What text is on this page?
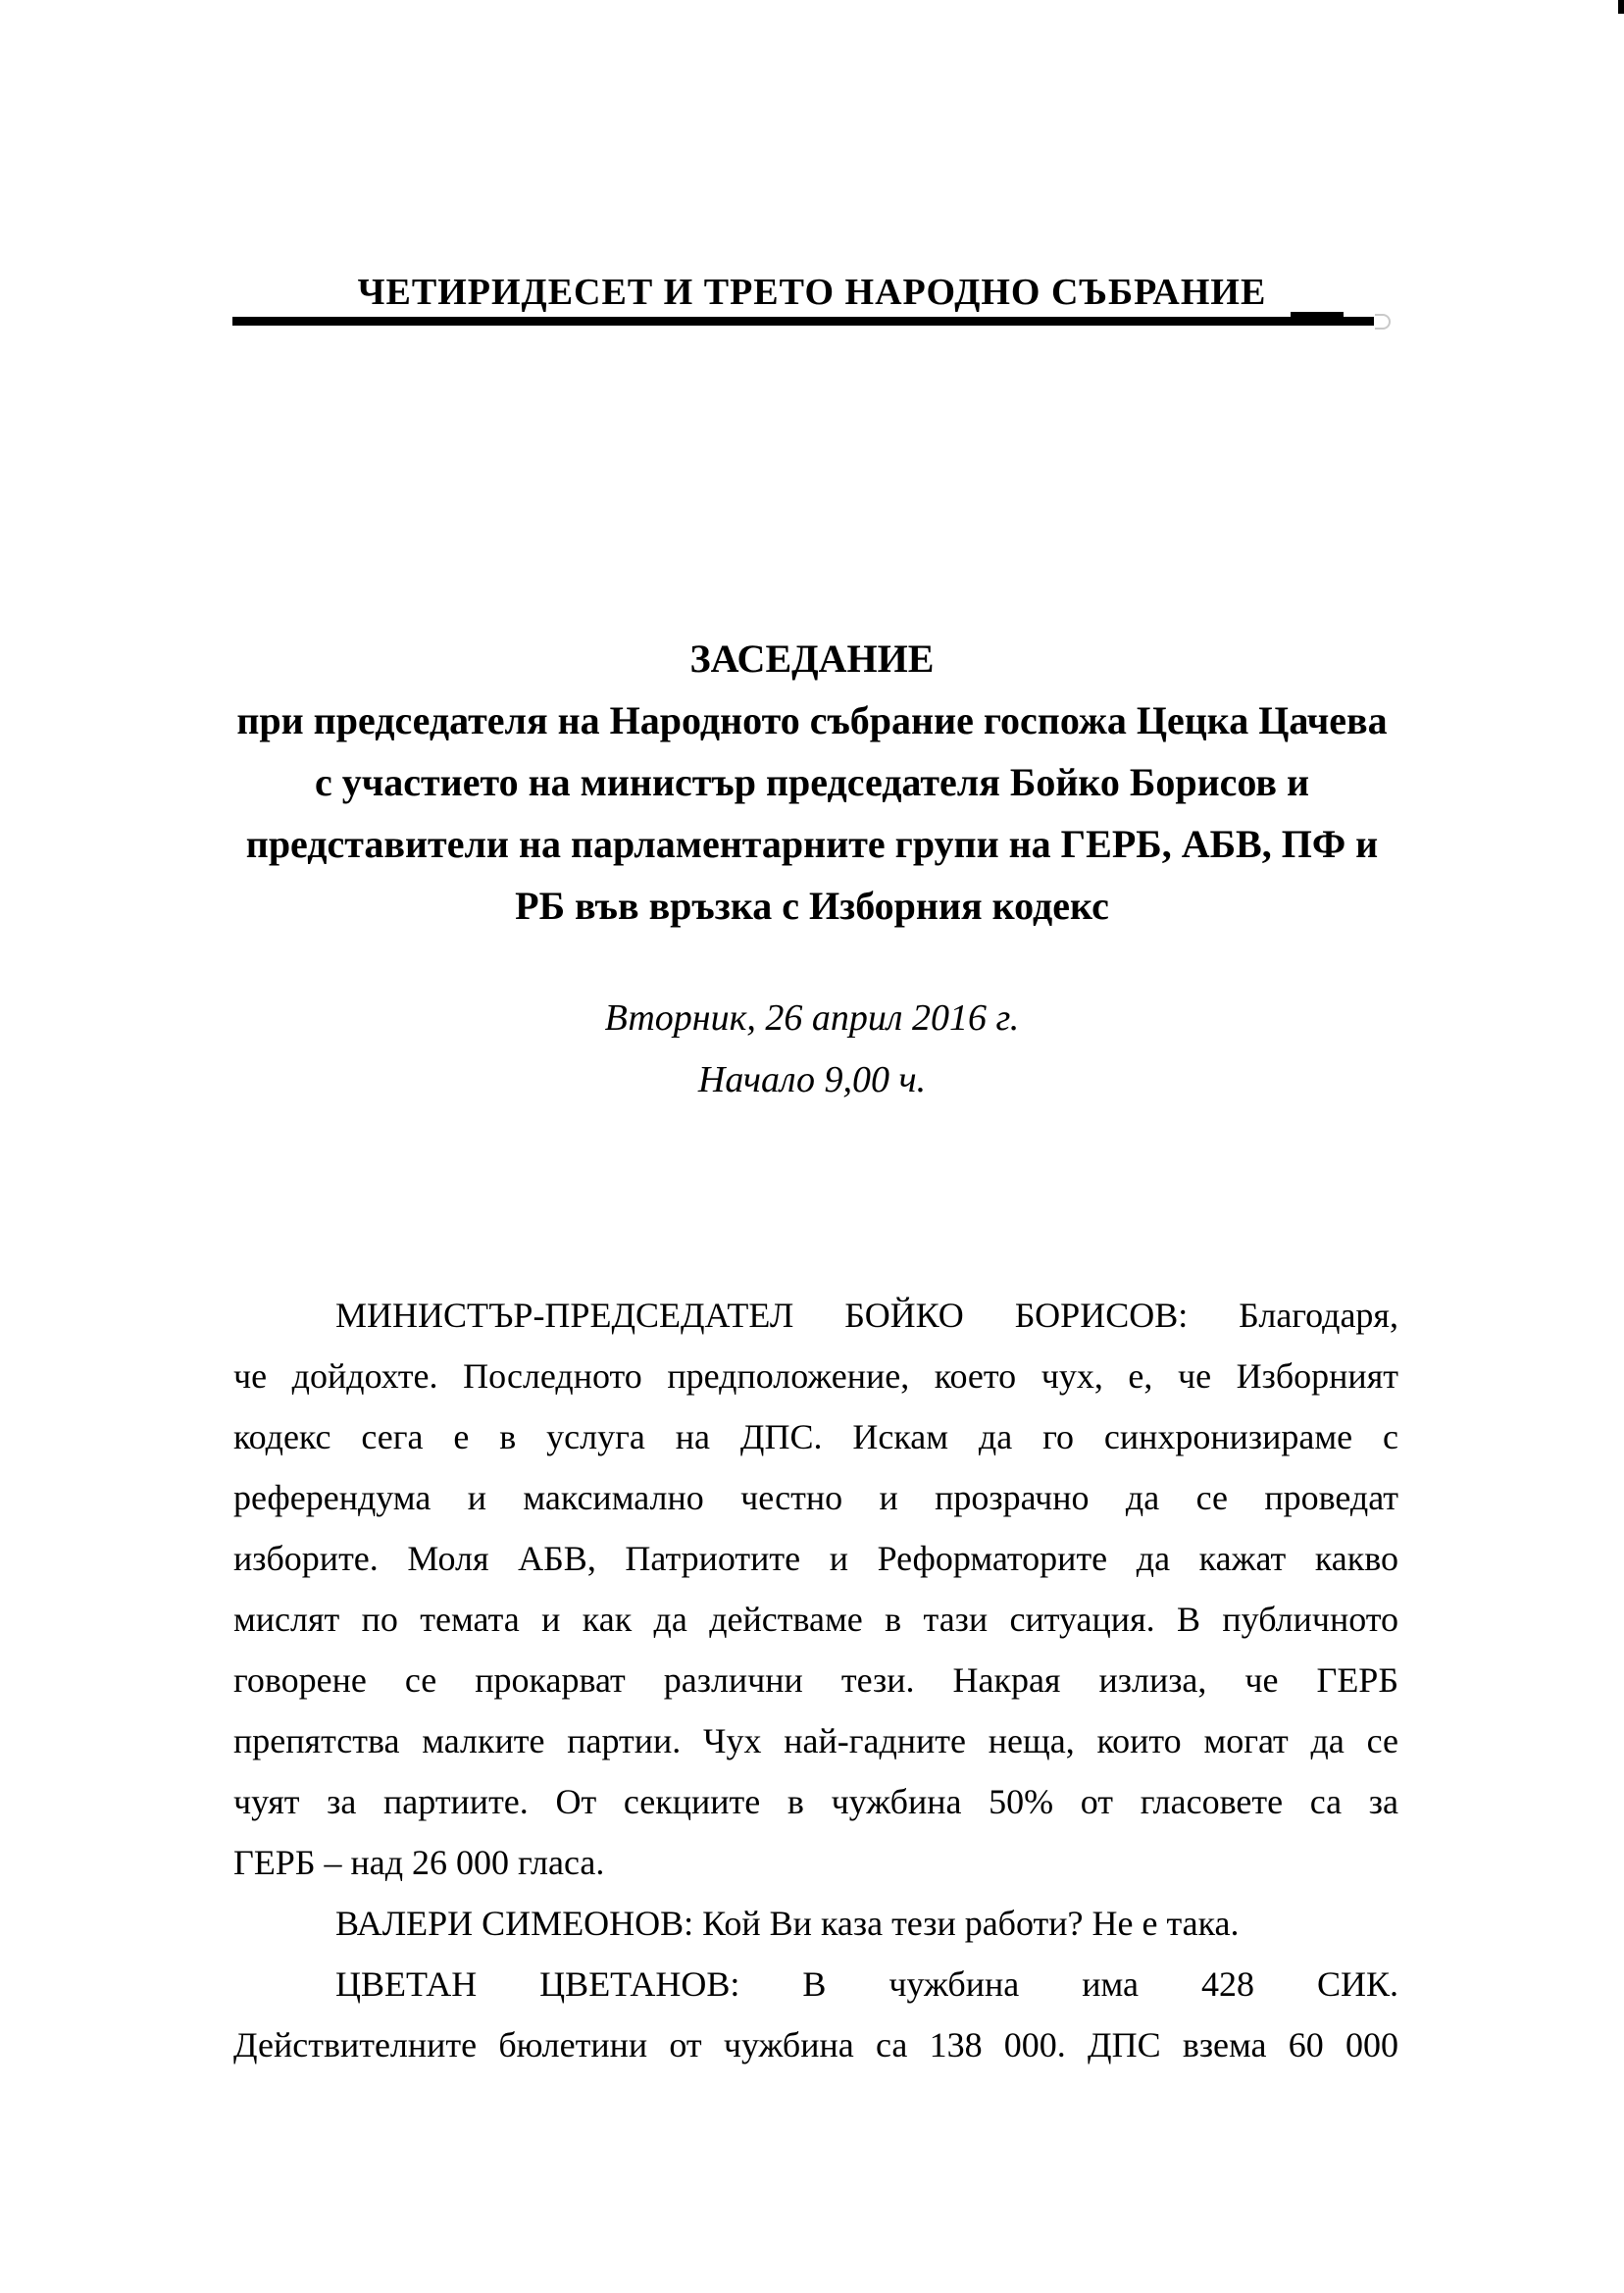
ЧЕТИРИДЕСЕТ И ТРЕТО НАРОДНО СЪБРАНИЕ
ЗАСЕДАНИЕ
при председателя на Народното събрание госпожа Цецка Цачева
с участието на министър председателя Бойко Борисов и
представители на парламентарните групи на ГЕРБ, АБВ, ПФ и
РБ във връзка с Изборния кодекс
Вторник, 26 април 2016 г.
Начало 9,00 ч.
МИНИСТЪР-ПРЕДСЕДАТЕЛ БОЙКО БОРИСОВ: Благодаря,
че дойдохте. Последното предположение, което чух, е, че Изборният
кодекс сега е в услуга на ДПС. Искам да го синхронизираме с
референдума и максимално честно и прозрачно да се проведат
изборите. Моля АБВ, Патриотите и Реформаторите да кажат какво
мислят по темата и как да действаме в тази ситуация. В публичното
говорене се прокарват различни тези. Накрая излиза, че ГЕРБ
препятства малките партии. Чух най-гадните неща, които могат да се
чуят за партиите. От секциите в чужбина 50% от гласовете са за
ГЕРБ – над 26 000 гласа.
ВАЛЕРИ СИМЕОНОВ: Кой Ви каза тези работи? Не е така.
ЦВЕТАН ЦВЕТАНОВ: В чужбина има 428 СИК.
Действителните бюлетини от чужбина са 138 000. ДПС взема 60 000
